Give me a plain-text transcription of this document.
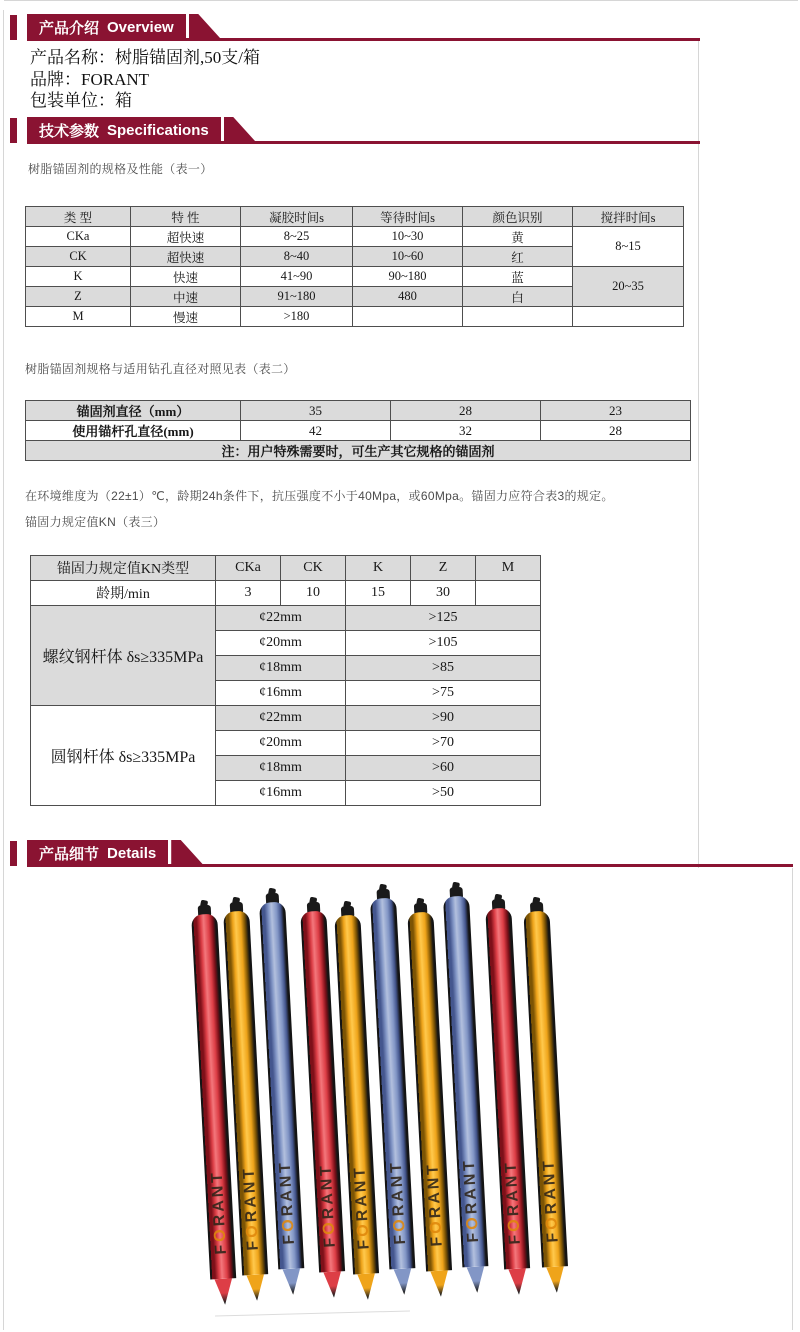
产品介绍 Overview
产品名称：树脂锚固剂,50支/箱
品牌：FORANT
包装单位：箱
技术参数 Specifications
树脂锚固剂的规格及性能（表一）
类 型	特 性	凝胶时间s	等待时间s	颜色识别	搅拌时间s
CKa	超快速	8~25	10~30	黄	8~15
CK	超快速	8~40	10~60	红	
K	快速	41~90	90~180	蓝	20~35
Z	中速	91~180	480	白	
M	慢速	>180			
树脂锚固剂规格与适用钻孔直径对照见表（表二）
锚固剂直径（mm）	35	28	23
使用锚杆孔直径(mm)	42	32	28
注：用户特殊需要时，可生产其它规格的锚固剂			
在环境维度为（22±1）℃，龄期24h条件下，抗压强度不小于40Mpa，或60Mpa。锚固力应符合表3的规定。
锚固力规定值KN（表三）
锚固力规定值KN类型	CKa	CK	K	Z	M
龄期/min	3	10	15	30	
螺纹钢杆体 δs≥335MPa	¢22mm		>125		
	¢20mm		>105		
	¢18mm		>85		
	¢16mm		>75		
圆钢杆体 δs≥335MPa	¢22mm		>90		
	¢20mm		>70		
	¢18mm		>60		
	¢16mm		>50		
产品细节 Details
FORANT
FORANT
FORANT
FORANT
FORANT
FORANT
FORANT
FORANT
FORANT
FORANT
